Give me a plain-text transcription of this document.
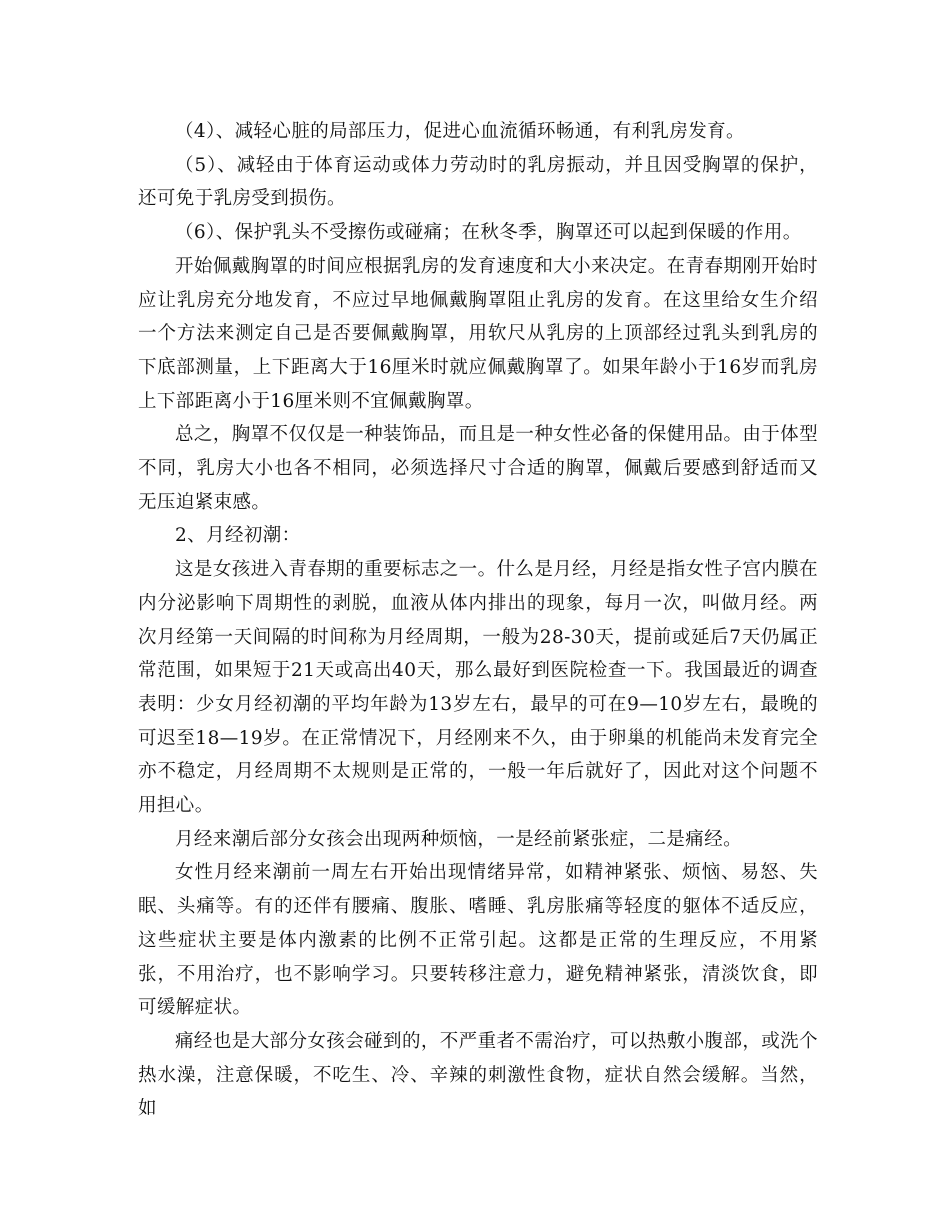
（4）、减轻心脏的局部压力，促进心血流循环畅通，有利乳房发育。

（5）、减轻由于体育运动或体力劳动时的乳房振动，并且因受胸罩的保护，还可免于乳房受到损伤。

（6）、保护乳头不受擦伤或碰痛；在秋冬季，胸罩还可以起到保暖的作用。

开始佩戴胸罩的时间应根据乳房的发育速度和大小来决定。在青春期刚开始时应让乳房充分地发育，不应过早地佩戴胸罩阻止乳房的发育。在这里给女生介绍一个方法来测定自己是否要佩戴胸罩，用软尺从乳房的上顶部经过乳头到乳房的下底部测量，上下距离大于16厘米时就应佩戴胸罩了。如果年龄小于16岁而乳房上下部距离小于16厘米则不宜佩戴胸罩。

总之，胸罩不仅仅是一种装饰品，而且是一种女性必备的保健用品。由于体型不同，乳房大小也各不相同，必须选择尺寸合适的胸罩，佩戴后要感到舒适而又无压迫紧束感。

2、月经初潮：

这是女孩进入青春期的重要标志之一。什么是月经，月经是指女性子宫内膜在内分泌影响下周期性的剥脱，血液从体内排出的现象，每月一次，叫做月经。两次月经第一天间隔的时间称为月经周期，一般为28-30天，提前或延后7天仍属正常范围，如果短于21天或高出40天，那么最好到医院检查一下。我国最近的调查表明：少女月经初潮的平均年龄为13岁左右，最早的可在9—10岁左右，最晚的可迟至18—19岁。在正常情况下，月经刚来不久，由于卵巢的机能尚未发育完全亦不稳定，月经周期不太规则是正常的，一般一年后就好了，因此对这个问题不用担心。

月经来潮后部分女孩会出现两种烦恼，一是经前紧张症，二是痛经。

女性月经来潮前一周左右开始出现情绪异常，如精神紧张、烦恼、易怒、失眠、头痛等。有的还伴有腰痛、腹胀、嗜睡、乳房胀痛等轻度的躯体不适反应，这些症状主要是体内激素的比例不正常引起。这都是正常的生理反应，不用紧张，不用治疗，也不影响学习。只要转移注意力，避免精神紧张，清淡饮食，即可缓解症状。

痛经也是大部分女孩会碰到的，不严重者不需治疗，可以热敷小腹部，或洗个热水澡，注意保暖，不吃生、冷、辛辣的刺激性食物，症状自然会缓解。当然，如
